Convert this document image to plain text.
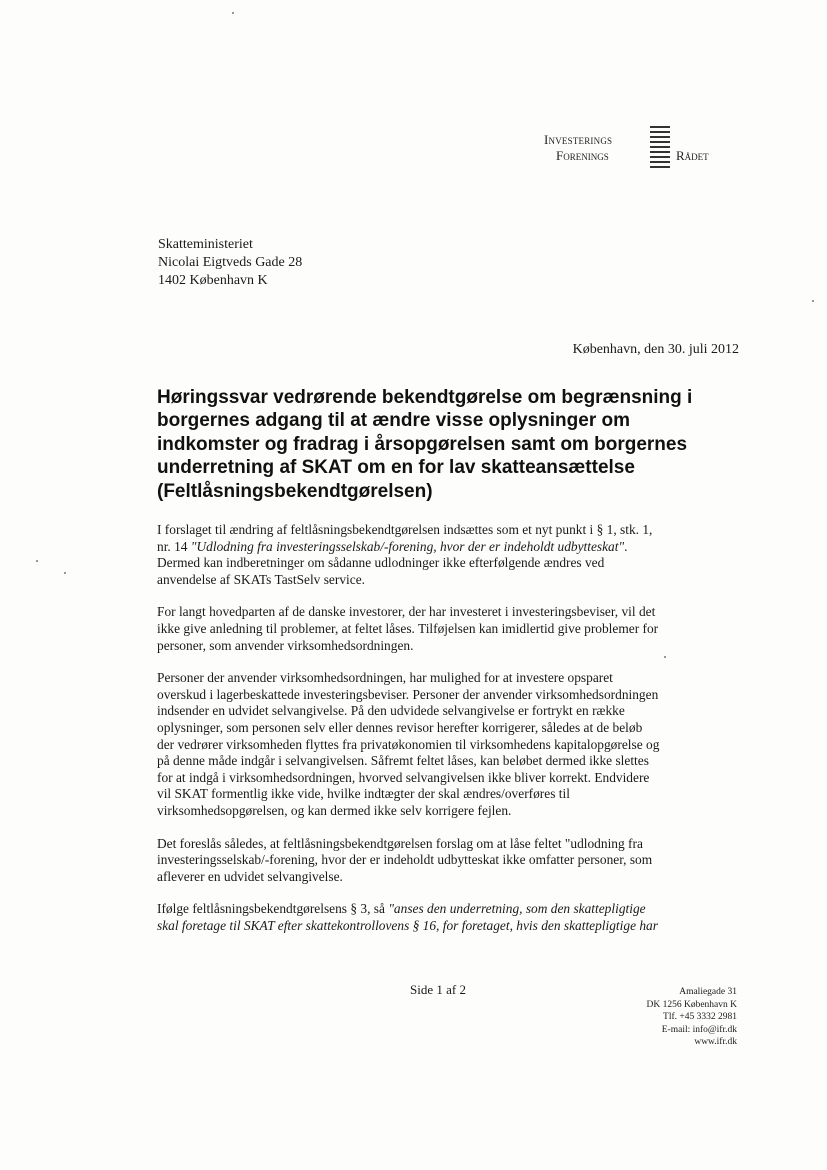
Investerings
Forenings	Rådet
Skatteministeriet
Nicolai Eigtveds Gade 28
1402 København K
København, den 30. juli 2012
Høringssvar vedrørende bekendtgørelse om begrænsning i
borgernes adgang til at ændre visse oplysninger om
indkomster og fradrag i årsopgørelsen samt om borgernes
underretning af SKAT om en for lav skatteansættelse
(Feltlåsningsbekendtgørelsen)
I forslaget til ændring af feltlåsningsbekendtgørelsen indsættes som et nyt punkt i § 1, stk. 1,
nr. 14 "Udlodning fra investeringsselskab/-forening, hvor der er indeholdt udbytteskat".
Dermed kan indberetninger om sådanne udlodninger ikke efterfølgende ændres ved
anvendelse af SKATs TastSelv service.
For langt hovedparten af de danske investorer, der har investeret i investeringsbeviser, vil det
ikke give anledning til problemer, at feltet låses. Tilføjelsen kan imidlertid give problemer for
personer, som anvender virksomhedsordningen.
Personer der anvender virksomhedsordningen, har mulighed for at investere opsparet
overskud i lagerbeskattede investeringsbeviser. Personer der anvender virksomhedsordningen
indsender en udvidet selvangivelse. På den udvidede selvangivelse er fortrykt en række
oplysninger, som personen selv eller dennes revisor herefter korrigerer, således at de beløb
der vedrører virksomheden flyttes fra privatøkonomien til virksomhedens kapitalopgørelse og
på denne måde indgår i selvangivelsen. Såfremt feltet låses, kan beløbet dermed ikke slettes
for at indgå i virksomhedsordningen, hvorved selvangivelsen ikke bliver korrekt. Endvidere
vil SKAT formentlig ikke vide, hvilke indtægter der skal ændres/overføres til
virksomhedsopgørelsen, og kan dermed ikke selv korrigere fejlen.
Det foreslås således, at feltlåsningsbekendtgørelsen forslag om at låse feltet "udlodning fra
investeringsselskab/-forening, hvor der er indeholdt udbytteskat ikke omfatter personer, som
afleverer en udvidet selvangivelse.
Ifølge feltlåsningsbekendtgørelsens § 3, så "anses den underretning, som den skattepligtige
skal foretage til SKAT efter skattekontrollovens § 16, for foretaget, hvis den skattepligtige har
Side 1 af 2	Amaliegade 31
DK 1256 København K
Tlf. +45 3332 2981
E-mail: info@ifr.dk
www.ifr.dk
